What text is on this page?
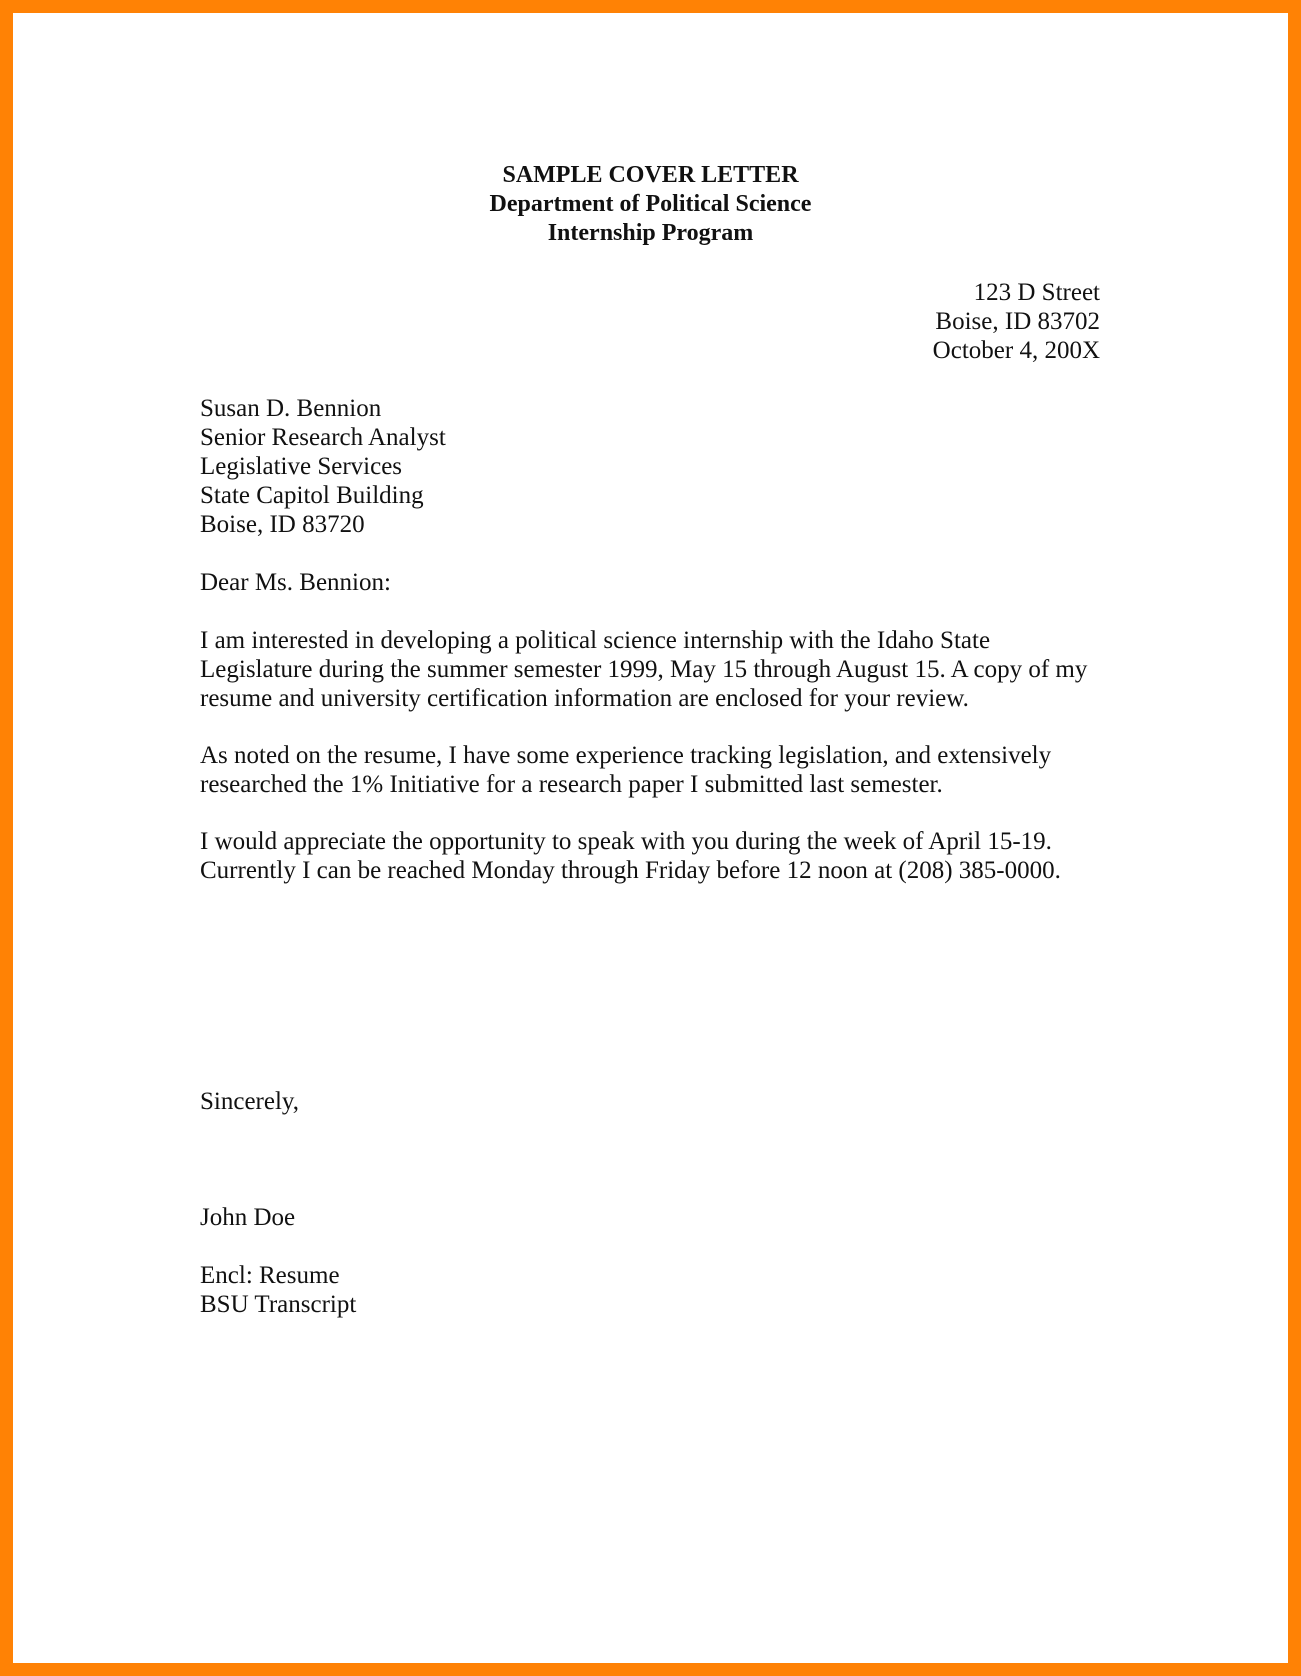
SAMPLE COVER LETTER
Department of Political Science
Internship Program
123 D Street
Boise, ID 83702
October 4, 200X
Susan D. Bennion
Senior Research Analyst
Legislative Services
State Capitol Building
Boise, ID 83720
Dear Ms. Bennion:
I am interested in developing a political science internship with the Idaho State
Legislature during the summer semester 1999, May 15 through August 15. A copy of my
resume and university certification information are enclosed for your review.
As noted on the resume, I have some experience tracking legislation, and extensively
researched the 1% Initiative for a research paper I submitted last semester.
I would appreciate the opportunity to speak with you during the week of April 15-19.
Currently I can be reached Monday through Friday before 12 noon at (208) 385-0000.
Sincerely,
John Doe
Encl: Resume
BSU Transcript
